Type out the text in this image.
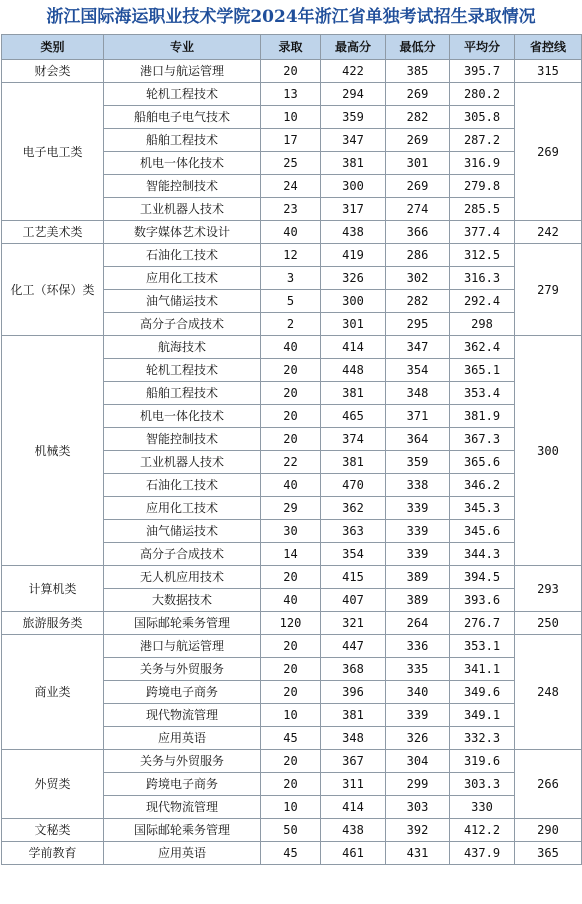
浙江国际海运职业技术学院2024年浙江省单独考试招生录取情况
类别	专业	录取	最高分	最低分	平均分	省控线
财会类	港口与航运管理	20	422	385	395.7	315
电子电工类	轮机工程技术	13	294	269	280.2	269
	船舶电子电气技术	10	359	282	305.8	
	船舶工程技术	17	347	269	287.2	
	机电一体化技术	25	381	301	316.9	
	智能控制技术	24	300	269	279.8	
	工业机器人技术	23	317	274	285.5	
工艺美术类	数字媒体艺术设计	40	438	366	377.4	242
化工（环保）类	石油化工技术	12	419	286	312.5	279
	应用化工技术	3	326	302	316.3	
	油气储运技术	5	300	282	292.4	
	高分子合成技术	2	301	295	298	
机械类	航海技术	40	414	347	362.4	300
	轮机工程技术	20	448	354	365.1	
	船舶工程技术	20	381	348	353.4	
	机电一体化技术	20	465	371	381.9	
	智能控制技术	20	374	364	367.3	
	工业机器人技术	22	381	359	365.6	
	石油化工技术	40	470	338	346.2	
	应用化工技术	29	362	339	345.3	
	油气储运技术	30	363	339	345.6	
	高分子合成技术	14	354	339	344.3	
计算机类	无人机应用技术	20	415	389	394.5	293
	大数据技术	40	407	389	393.6	
旅游服务类	国际邮轮乘务管理	120	321	264	276.7	250
商业类	港口与航运管理	20	447	336	353.1	248
	关务与外贸服务	20	368	335	341.1	
	跨境电子商务	20	396	340	349.6	
	现代物流管理	10	381	339	349.1	
	应用英语	45	348	326	332.3	
外贸类	关务与外贸服务	20	367	304	319.6	266
	跨境电子商务	20	311	299	303.3	
	现代物流管理	10	414	303	330	
文秘类	国际邮轮乘务管理	50	438	392	412.2	290
学前教育	应用英语	45	461	431	437.9	365
